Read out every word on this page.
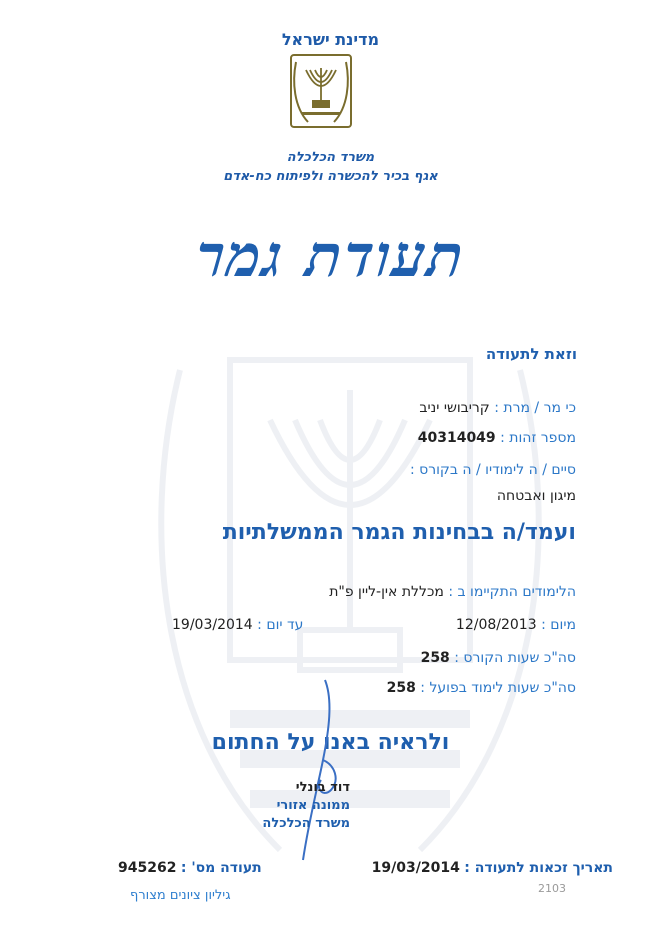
מדינת ישראל
משרד הכלכלה
אגף בכיר להכשרה ולפיתוח כח-אדם
תעודת גמר
וזאת לתעודה
כי מר / מרת : קריבושי יניב
מספר זהות : 40314049
סיים / ה לימודיו / ה בקורס :
מיגון ואבטחה
ועמד/ה בבחינות הגמר הממשלתיות
הלימודים התקיימו ב : מכללת אין-ליין פ"ת
מיום : 12/08/2013
עד יום : 19/03/2014
סה"כ שעות הקורס : 258
סה"כ שעות לימוד בפועל : 258
ולראיה באנו על החתום
דוד בונלי
ממונה אזורי
משרד הכלכלה
תאריך זכאות לתעודה : 19/03/2014
תעודה מס' : 945262
2103
גיליון ציונים מצורף
